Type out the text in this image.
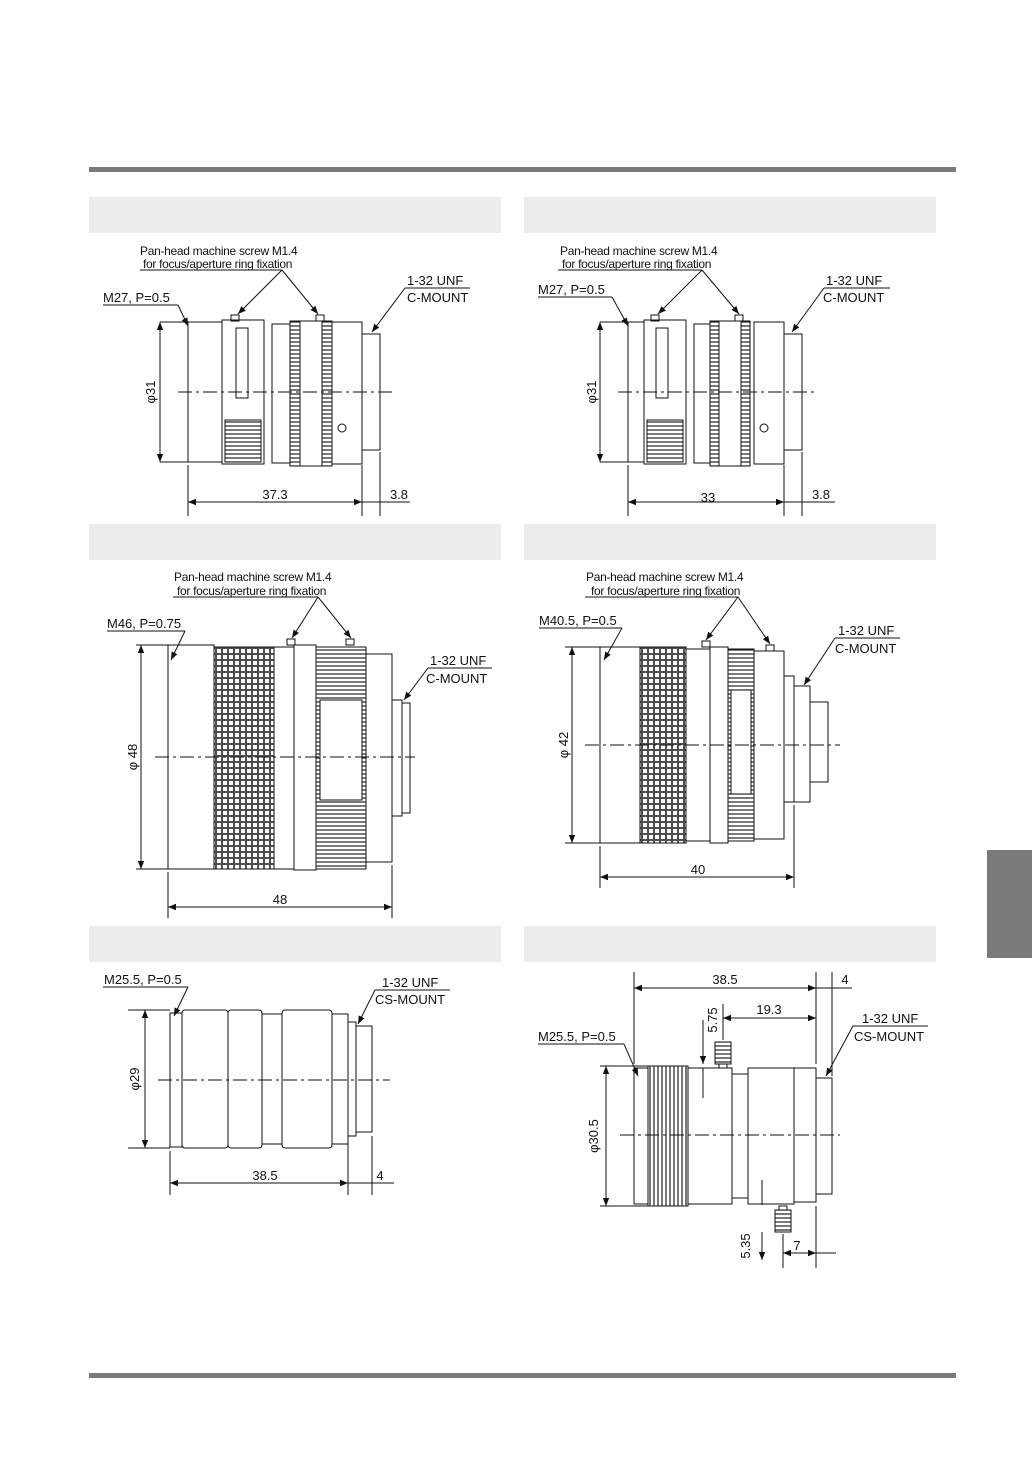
Pan-head machine screw M1.4
for focus/aperture ring fixation
M27, P=0.5
1-32 UNF
C-MOUNT
φ31
37.3	3.8
Pan-head machine screw M1.4
for focus/aperture ring fixation
M27, P=0.5
1-32 UNF
C-MOUNT
φ31
33	3.8
Pan-head machine screw M1.4
for focus/aperture ring fixation
M46, P=0.75
1-32 UNF
C-MOUNT
φ 48
48
Pan-head machine screw M1.4
for focus/aperture ring fixation
M40.5, P=0.5
1-32 UNF
C-MOUNT
φ 42
40
M25.5, P=0.5	1-32 UNF
CS-MOUNT
φ29
38.5	4
M25.5, P=0.5
1-32 UNF
CS-MOUNT
φ30.5
38.5	4
19.3
5.75
5.35	7
